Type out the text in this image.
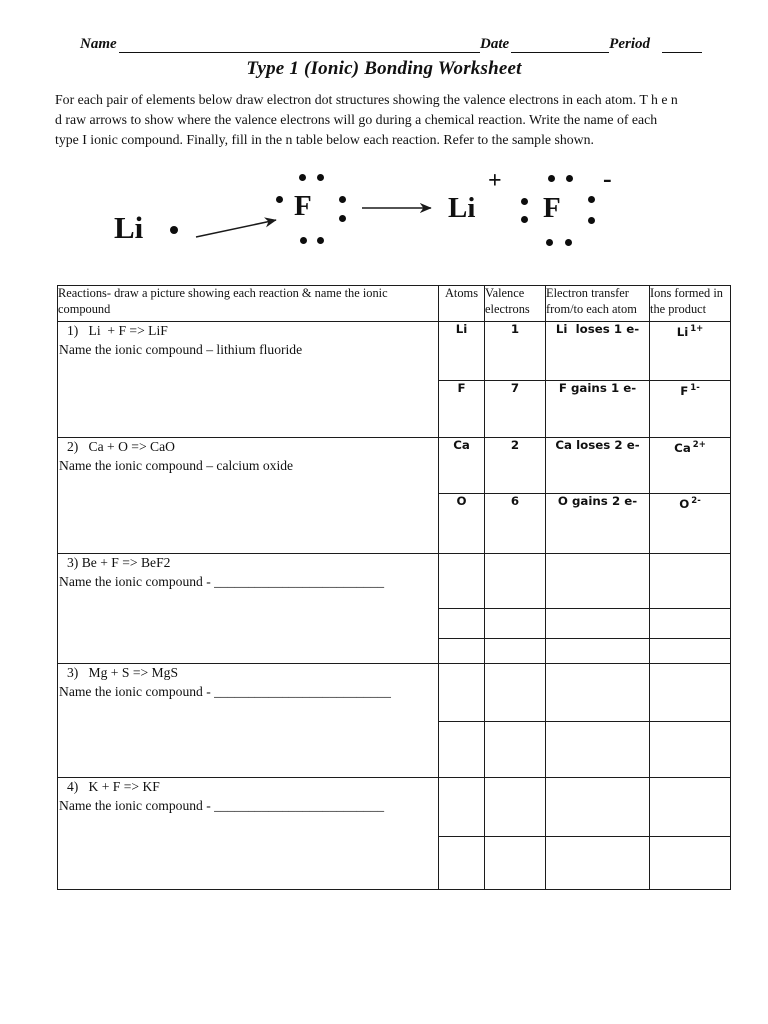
Name	Date	Period
Type 1 (Ionic) Bonding Worksheet
For each pair of elements below draw electron dot structures showing the valence electrons in each atom. T h e n
d raw arrows to show where the valence electrons will go during a chemical reaction. Write the name of each
type I ionic compound. Finally, fill in the n table below each reaction. Refer to the sample shown.
Li
F	Li
+
F
-
Reactions- draw a picture showing each reaction & name the ionic compound	Atoms	Valence electrons	Electron transfer from/to each atom	Ions formed in the product

1)   Li  + F => LiF
Name the ionic compound – lithium fluoride	Li	1	Li  loses 1 e-	Li $^{1+}$
	F	7	F gains 1 e-	F $^{1-}$

2)   Ca + O => CaO
Name the ionic compound – calcium oxide	Ca	2	Ca loses 2 e-	Ca $^{2+}$
	O	6	O gains 2 e-	O $^{2-}$

3) Be + F => BeF2
Name the ionic compound - _________________________				

3)   Mg + S => MgS
Name the ionic compound - __________________________				

4)   K + F => KF
Name the ionic compound - _________________________				
